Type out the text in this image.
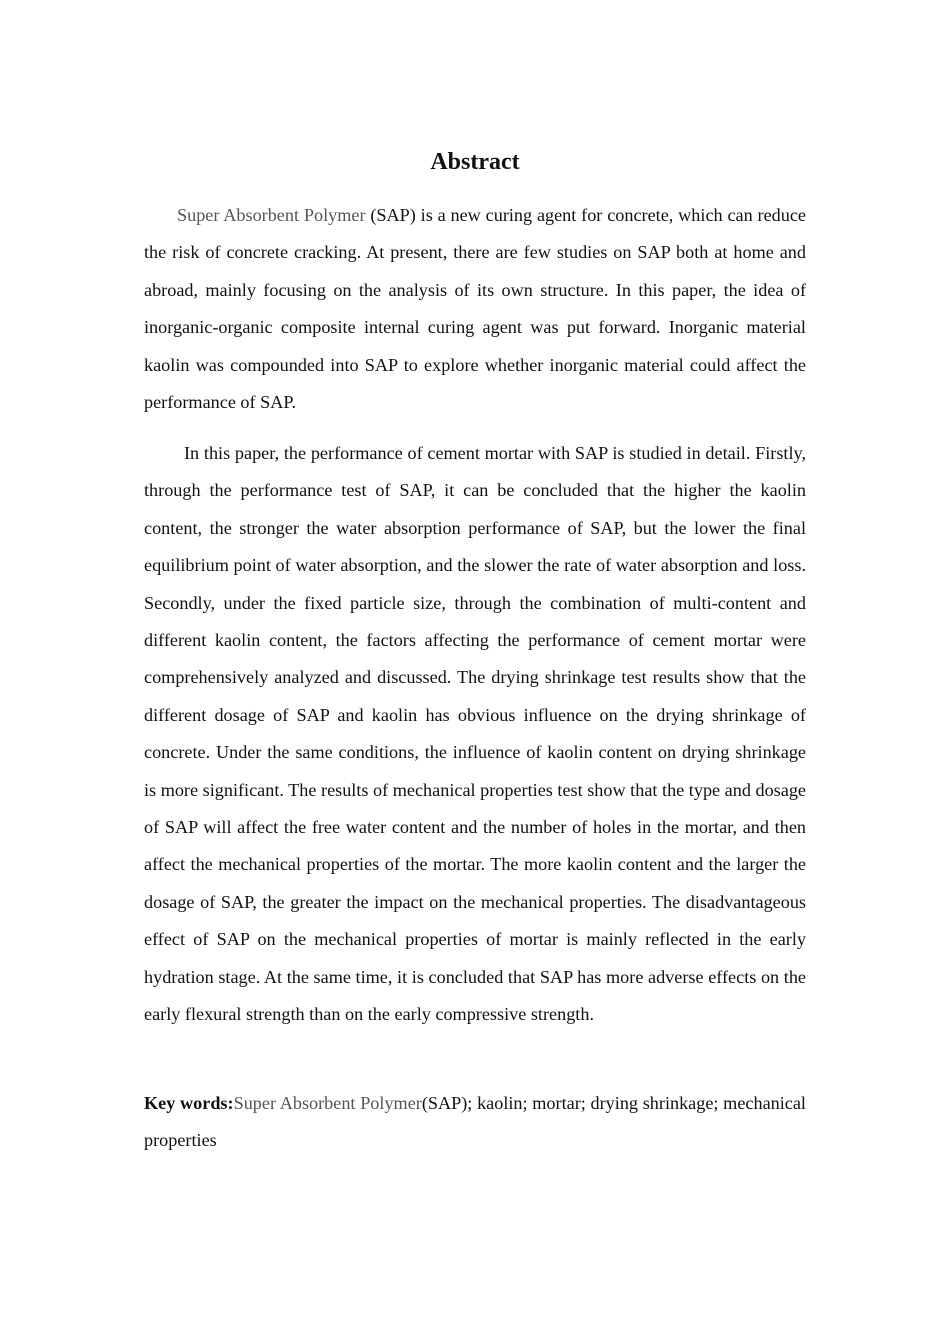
Abstract

Super Absorbent Polymer (SAP) is a new curing agent for concrete, which can reduce the risk of concrete cracking. At present, there are few studies on SAP both at home and abroad, mainly focusing on the analysis of its own structure. In this paper, the idea of inorganic-organic composite internal curing agent was put forward. Inorganic material kaolin was compounded into SAP to explore whether inorganic material could affect the performance of SAP.

In this paper, the performance of cement mortar with SAP is studied in detail. Firstly, through the performance test of SAP, it can be concluded that the higher the kaolin content, the stronger the water absorption performance of SAP, but the lower the final equilibrium point of water absorption, and the slower the rate of water absorption and loss. Secondly, under the fixed particle size, through the combination of multi-content and different kaolin content, the factors affecting the performance of cement mortar were comprehensively analyzed and discussed. The drying shrinkage test results show that the different dosage of SAP and kaolin has obvious influence on the drying shrinkage of concrete. Under the same conditions, the influence of kaolin content on drying shrinkage is more significant. The results of mechanical properties test show that the type and dosage of SAP will affect the free water content and the number of holes in the mortar, and then affect the mechanical properties of the mortar. The more kaolin content and the larger the dosage of SAP, the greater the impact on the mechanical properties. The disadvantageous effect of SAP on the mechanical properties of mortar is mainly reflected in the early hydration stage. At the same time, it is concluded that SAP has more adverse effects on the early flexural strength than on the early compressive strength.

Key words:Super Absorbent Polymer(SAP); kaolin; mortar; drying shrinkage; mechanical properties
